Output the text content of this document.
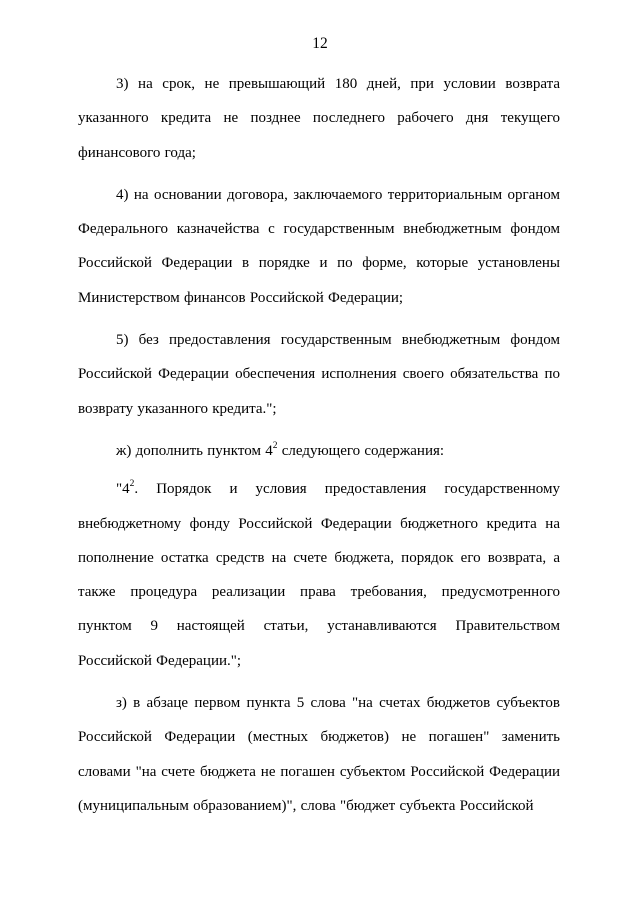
12

3) на срок, не превышающий 180 дней, при условии возврата указанного кредита не позднее последнего рабочего дня текущего финансового года;

4) на основании договора, заключаемого территориальным органом Федерального казначейства с государственным внебюджетным фондом Российской Федерации в порядке и по форме, которые установлены Министерством финансов Российской Федерации;

5) без предоставления государственным внебюджетным фондом Российской Федерации обеспечения исполнения своего обязательства по возврату указанного кредита.";

ж) дополнить пунктом $4^2$ следующего содержания:

"$4^2$. Порядок и условия предоставления государственному внебюджетному фонду Российской Федерации бюджетного кредита на пополнение остатка средств на счете бюджета, порядок его возврата, а также процедура реализации права требования, предусмотренного пунктом 9 настоящей статьи, устанавливаются Правительством Российской Федерации.";

з) в абзаце первом пункта 5 слова "на счетах бюджетов субъектов Российской Федерации (местных бюджетов) не погашен" заменить словами "на счете бюджета не погашен субъектом Российской Федерации (муниципальным образованием)", слова "бюджет субъекта Российской
